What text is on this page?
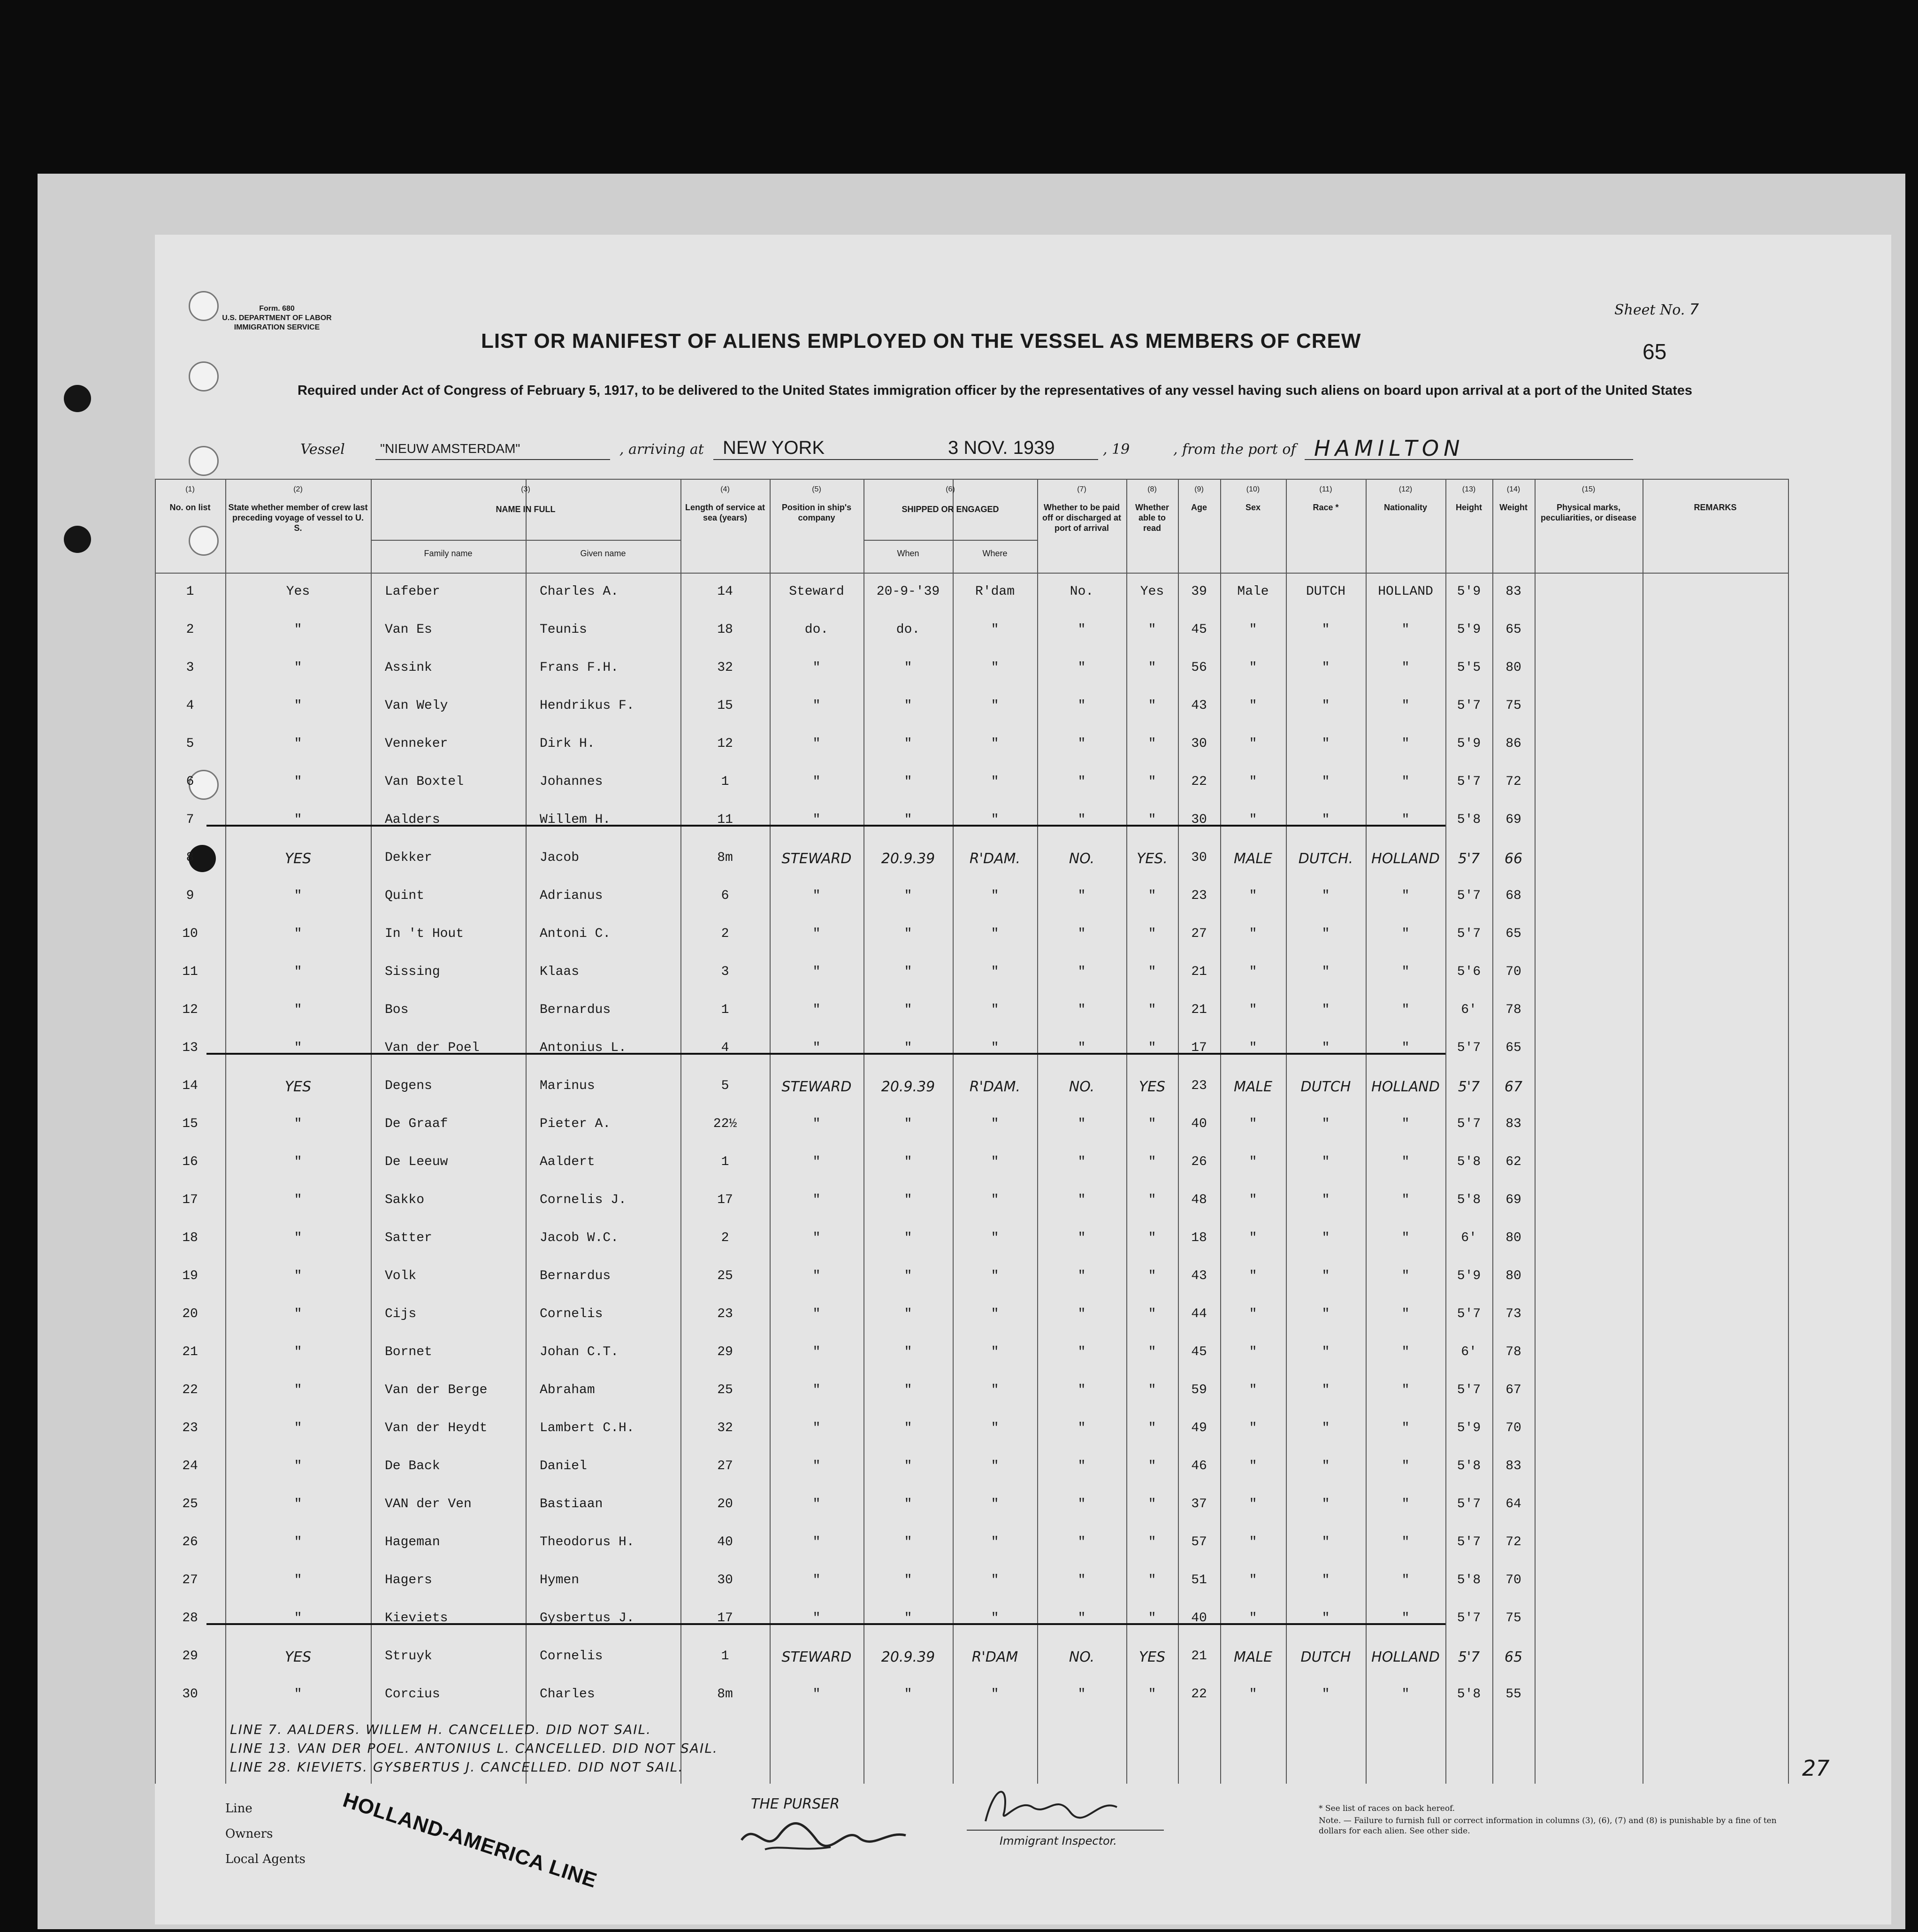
Form. 680
U.S. DEPARTMENT OF LABOR
IMMIGRATION SERVICE
Sheet No. 7
65
LIST OR MANIFEST OF ALIENS EMPLOYED ON THE VESSEL AS MEMBERS OF CREW
Required under Act of Congress of February 5, 1917, to be delivered to the United States immigration officer by the representatives of any vessel having such aliens on board upon arrival at a port of the United States
Vessel	"NIEUW AMSTERDAM"	, arriving at NEW YORK	3 NOV. 1939	, 19	, from the port of HAMILTON
(1)
No. on list
(2)
State whether member of crew last preceding voyage of vessel to U. S.
(3)
NAME IN FULL
Family name	Given name
(4)
Length of service at sea (years)
(5)
Position in ship's company
(6)
SHIPPED OR ENGAGED
When	Where
(7)
Whether to be paid off or discharged at port of arrival
(8)
Whether able to read
(9)
Age
(10)
Sex
(11)
Race *
(12)
Nationality
(13)
Height
(14)
Weight
(15)
Physical marks, peculiarities, or disease
REMARKS
1	Yes	Lafeber	Charles A.	14	Steward	20-9-'39	R'dam	No.	Yes	39	Male	DUTCH	HOLLAND	5'9	83
2	"	Van Es	Teunis	18	do.	do.	"	"	"	45	"	"	"	5'9	65
3	"	Assink	Frans F.H.	32	"	"	"	"	"	56	"	"	"	5'5	80
4	"	Van Wely	Hendrikus F.	15	"	"	"	"	"	43	"	"	"	5'7	75
5	"	Venneker	Dirk H.	12	"	"	"	"	"	30	"	"	"	5'9	86
6	"	Van Boxtel	Johannes	1	"	"	"	"	"	22	"	"	"	5'7	72
7	"	Aalders	Willem H.	11	"	"	"	"	"	30	"	"	"	5'8	69
8	YES	Dekker	Jacob	8m	STEWARD	20.9.39	R'DAM.	NO.	YES.	30	MALE	DUTCH.	HOLLAND	5'7	66
9	"	Quint	Adrianus	6	"	"	"	"	"	23	"	"	"	5'7	68
10	"	In 't Hout	Antoni C.	2	"	"	"	"	"	27	"	"	"	5'7	65
11	"	Sissing	Klaas	3	"	"	"	"	"	21	"	"	"	5'6	70
12	"	Bos	Bernardus	1	"	"	"	"	"	21	"	"	"	6'	78
13	"	Van der Poel	Antonius L.	4	"	"	"	"	"	17	"	"	"	5'7	65
14	YES	Degens	Marinus	5	STEWARD	20.9.39	R'DAM.	NO.	YES	23	MALE	DUTCH	HOLLAND	5'7	67
15	"	De Graaf	Pieter A.	22½	"	"	"	"	"	40	"	"	"	5'7	83
16	"	De Leeuw	Aaldert	1	"	"	"	"	"	26	"	"	"	5'8	62
17	"	Sakko	Cornelis J.	17	"	"	"	"	"	48	"	"	"	5'8	69
18	"	Satter	Jacob W.C.	2	"	"	"	"	"	18	"	"	"	6'	80
19	"	Volk	Bernardus	25	"	"	"	"	"	43	"	"	"	5'9	80
20	"	Cijs	Cornelis	23	"	"	"	"	"	44	"	"	"	5'7	73
21	"	Bornet	Johan C.T.	29	"	"	"	"	"	45	"	"	"	6'	78
22	"	Van der Berge	Abraham	25	"	"	"	"	"	59	"	"	"	5'7	67
23	"	Van der Heydt	Lambert C.H.	32	"	"	"	"	"	49	"	"	"	5'9	70
24	"	De Back	Daniel	27	"	"	"	"	"	46	"	"	"	5'8	83
25	"	VAN der Ven	Bastiaan	20	"	"	"	"	"	37	"	"	"	5'7	64
26	"	Hageman	Theodorus H.	40	"	"	"	"	"	57	"	"	"	5'7	72
27	"	Hagers	Hymen	30	"	"	"	"	"	51	"	"	"	5'8	70
28	"	Kieviets	Gysbertus J.	17	"	"	"	"	"	40	"	"	"	5'7	75
29	YES	Struyk	Cornelis	1	STEWARD	20.9.39	R'DAM	NO.	YES	21	MALE	DUTCH	HOLLAND	5'7	65
30	"	Corcius	Charles	8m	"	"	"	"	"	22	"	"	"	5'8	55
LINE 7. AALDERS. WILLEM H. CANCELLED. DID NOT SAIL.
LINE 13. VAN DER POEL. ANTONIUS L. CANCELLED. DID NOT SAIL.
LINE 28. KIEVIETS. GYSBERTUS J. CANCELLED. DID NOT SAIL.
Line
Owners
Local Agents HOLLAND-AMERICA LINE	THE PURSER
Immigrant Inspector.
* See list of races on back hereof.
Note. — Failure to furnish full or correct information in columns (3), (6), (7) and (8) is punishable by a fine of ten dollars for each alien. See other side.
27
